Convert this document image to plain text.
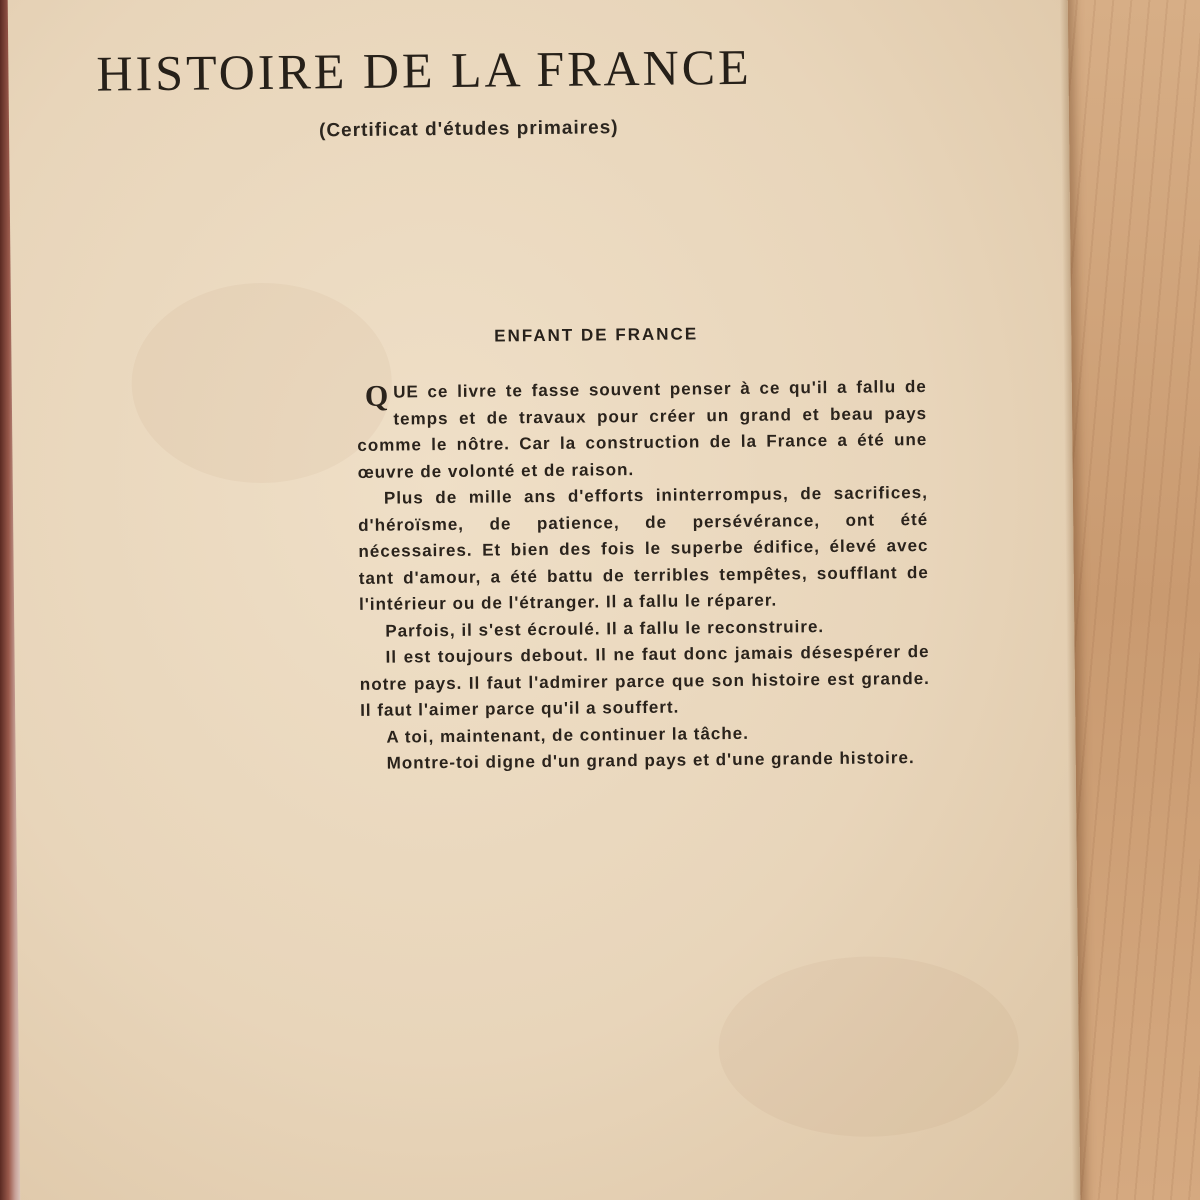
HISTOIRE DE LA FRANCE
(Certificat d'études primaires)
ENFANT DE FRANCE

QUE ce livre te fasse souvent penser à ce qu'il a fallu de temps et de travaux pour créer un grand et beau pays comme le nôtre. Car la construction de la France a été une œuvre de volonté et de raison.

Plus de mille ans d'efforts ininterrompus, de sacrifices, d'héroïsme, de patience, de persévérance, ont été nécessaires. Et bien des fois le superbe édifice, élevé avec tant d'amour, a été battu de terribles tempêtes, soufflant de l'intérieur ou de l'étranger. Il a fallu le réparer.

Parfois, il s'est écroulé. Il a fallu le reconstruire.

Il est toujours debout. Il ne faut donc jamais désespérer de notre pays. Il faut l'admirer parce que son histoire est grande. Il faut l'aimer parce qu'il a souffert.

A toi, maintenant, de continuer la tâche.

Montre-toi digne d'un grand pays et d'une grande histoire.
